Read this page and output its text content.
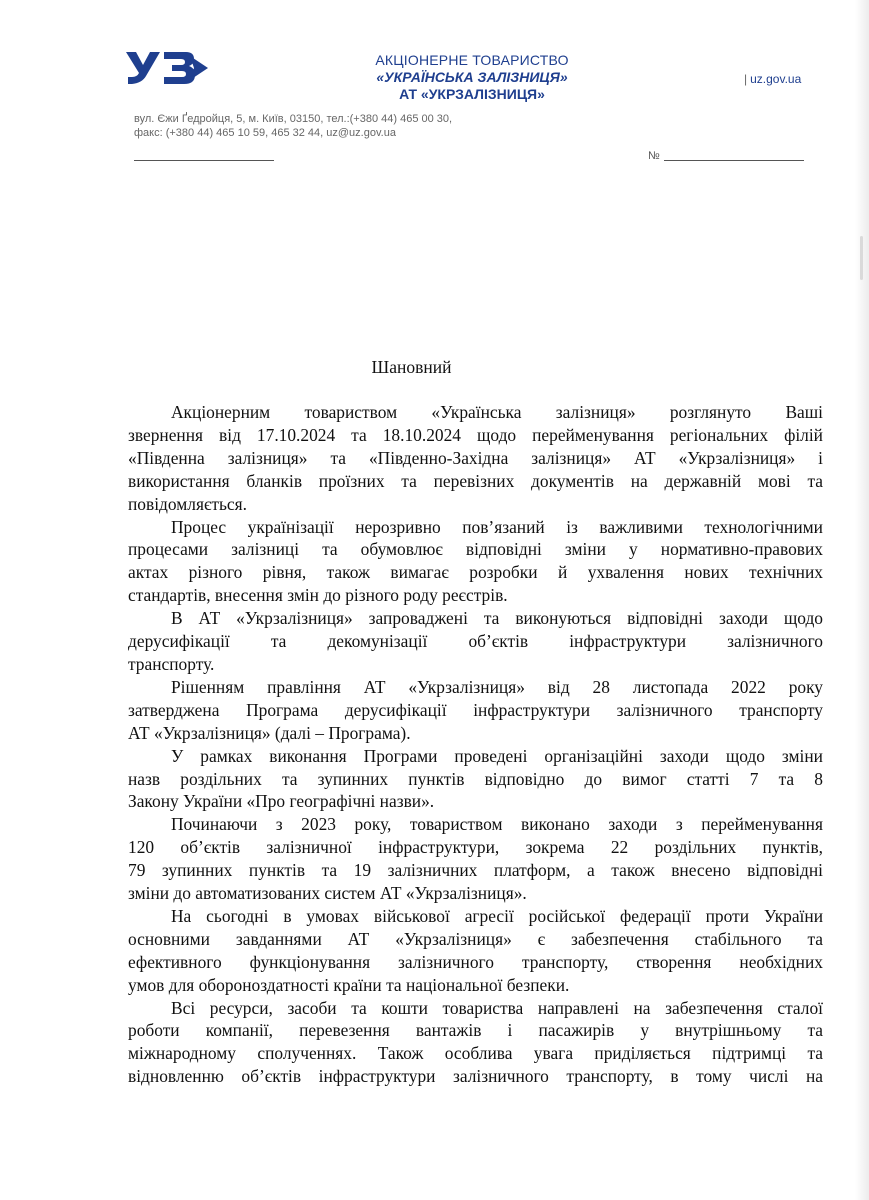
АКЦІОНЕРНЕ ТОВАРИСТВО
«УКРАЇНСЬКА ЗАЛІЗНИЦЯ»
АТ «УКРЗАЛІЗНИЦЯ»
| uz.gov.ua
вул. Єжи Ґедройця, 5, м. Київ, 03150, тел.:(+380 44) 465 00 30,
факс: (+380 44) 465 10 59, 465 32 44, uz@uz.gov.ua
№
Шановний
Акціонерним товариством «Українська залізниця» розглянуто Ваші
звернення від 17.10.2024 та 18.10.2024 щодо перейменування регіональних філій
«Південна залізниця» та «Південно-Західна залізниця» АТ «Укрзалізниця» і
використання бланків проїзних та перевізних документів на державній мові та
повідомляється.
Процес українізації нерозривно пов’язаний із важливими технологічними
процесами залізниці та обумовлює відповідні зміни у нормативно-правових
актах різного рівня, також вимагає розробки й ухвалення нових технічних
стандартів, внесення змін до різного роду реєстрів.
В АТ «Укрзалізниця» запроваджені та виконуються відповідні заходи щодо
дерусифікації та декомунізації об’єктів інфраструктури залізничного
транспорту.
Рішенням правління АТ «Укрзалізниця» від 28 листопада 2022 року
затверджена Програма дерусифікації інфраструктури залізничного транспорту
АТ «Укрзалізниця» (далі – Програма).
У рамках виконання Програми проведені організаційні заходи щодо зміни
назв роздільних та зупинних пунктів відповідно до вимог статті 7 та 8
Закону України «Про географічні назви».
Починаючи з 2023 року, товариством виконано заходи з перейменування
120 об’єктів залізничної інфраструктури, зокрема 22 роздільних пунктів,
79 зупинних пунктів та 19 залізничних платформ, а також внесено відповідні
зміни до автоматизованих систем АТ «Укрзалізниця».
На сьогодні в умовах військової агресії російської федерації проти України
основними завданнями АТ «Укрзалізниця» є забезпечення стабільного та
ефективного функціонування залізничного транспорту, створення необхідних
умов для обороноздатності країни та національної безпеки.
Всі ресурси, засоби та кошти товариства направлені на забезпечення сталої
роботи компанії, перевезення вантажів і пасажирів у внутрішньому та
міжнародному сполученнях. Також особлива увага приділяється підтримці та
відновленню об’єктів інфраструктури залізничного транспорту, в тому числі на
